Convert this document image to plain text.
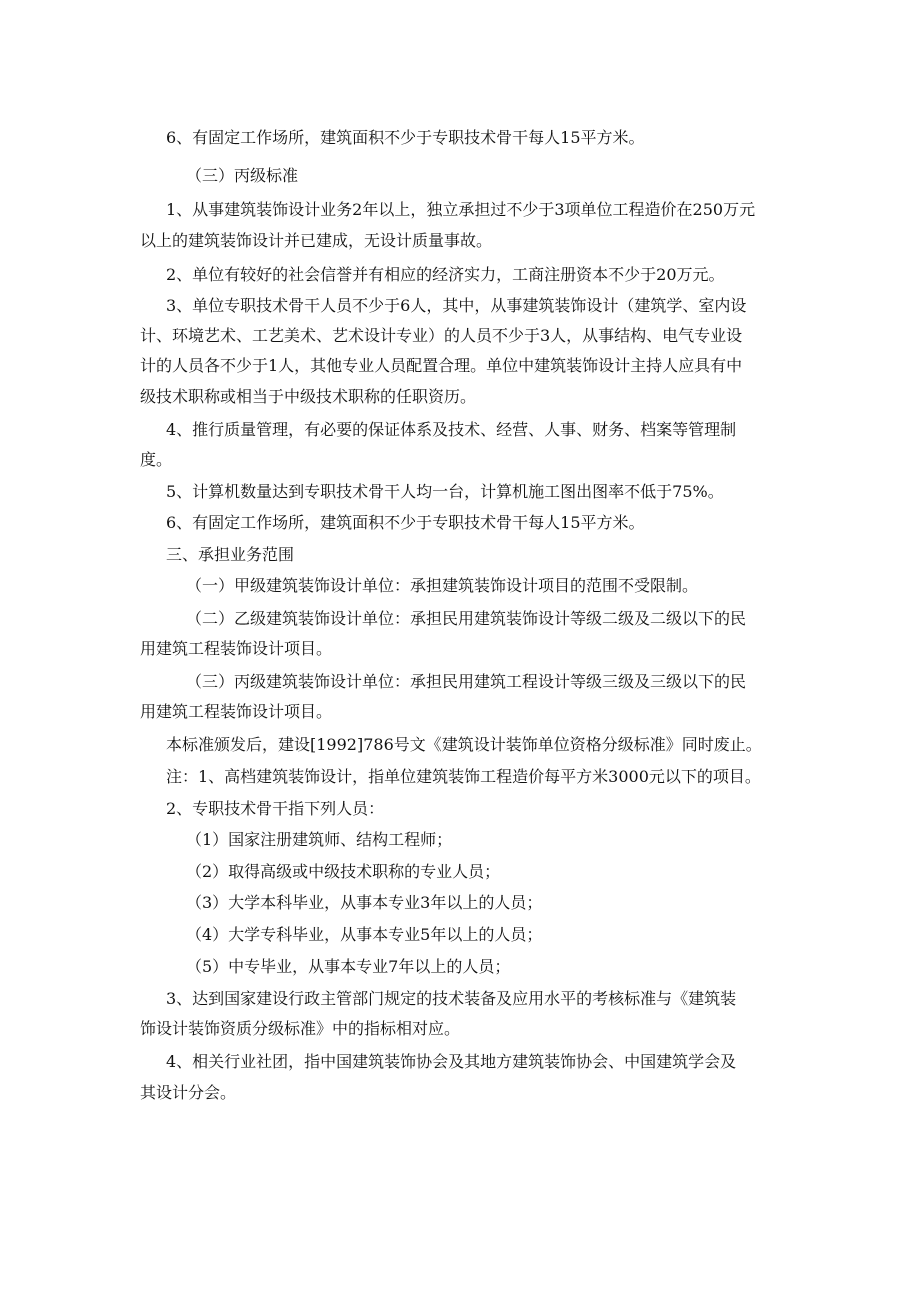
6、有固定工作场所，建筑面积不少于专职技术骨干每人15平方米。

（三）丙级标准

1、从事建筑装饰设计业务2年以上，独立承担过不少于3项单位工程造价在250万元

以上的建筑装饰设计并已建成，无设计质量事故。

2、单位有较好的社会信誉并有相应的经济实力，工商注册资本不少于20万元。

3、单位专职技术骨干人员不少于6人，其中，从事建筑装饰设计（建筑学、室内设

计、环境艺术、工艺美术、艺术设计专业）的人员不少于3人，从事结构、电气专业设

计的人员各不少于1人，其他专业人员配置合理。单位中建筑装饰设计主持人应具有中

级技术职称或相当于中级技术职称的任职资历。

4、推行质量管理，有必要的保证体系及技术、经营、人事、财务、档案等管理制

度。

5、计算机数量达到专职技术骨干人均一台，计算机施工图出图率不低于75%。

6、有固定工作场所，建筑面积不少于专职技术骨干每人15平方米。

三、承担业务范围

（一）甲级建筑装饰设计单位：承担建筑装饰设计项目的范围不受限制。

（二）乙级建筑装饰设计单位：承担民用建筑装饰设计等级二级及二级以下的民

用建筑工程装饰设计项目。

（三）丙级建筑装饰设计单位：承担民用建筑工程设计等级三级及三级以下的民

用建筑工程装饰设计项目。

本标准颁发后，建设[1992]786号文《建筑设计装饰单位资格分级标准》同时废止。

注：1、高档建筑装饰设计，指单位建筑装饰工程造价每平方米3000元以下的项目。

2、专职技术骨干指下列人员：

（1）国家注册建筑师、结构工程师；

（2）取得高级或中级技术职称的专业人员；

（3）大学本科毕业，从事本专业3年以上的人员；

（4）大学专科毕业，从事本专业5年以上的人员；

（5）中专毕业，从事本专业7年以上的人员；

3、达到国家建设行政主管部门规定的技术装备及应用水平的考核标准与《建筑装

饰设计装饰资质分级标准》中的指标相对应。

4、相关行业社团，指中国建筑装饰协会及其地方建筑装饰协会、中国建筑学会及

其设计分会。
